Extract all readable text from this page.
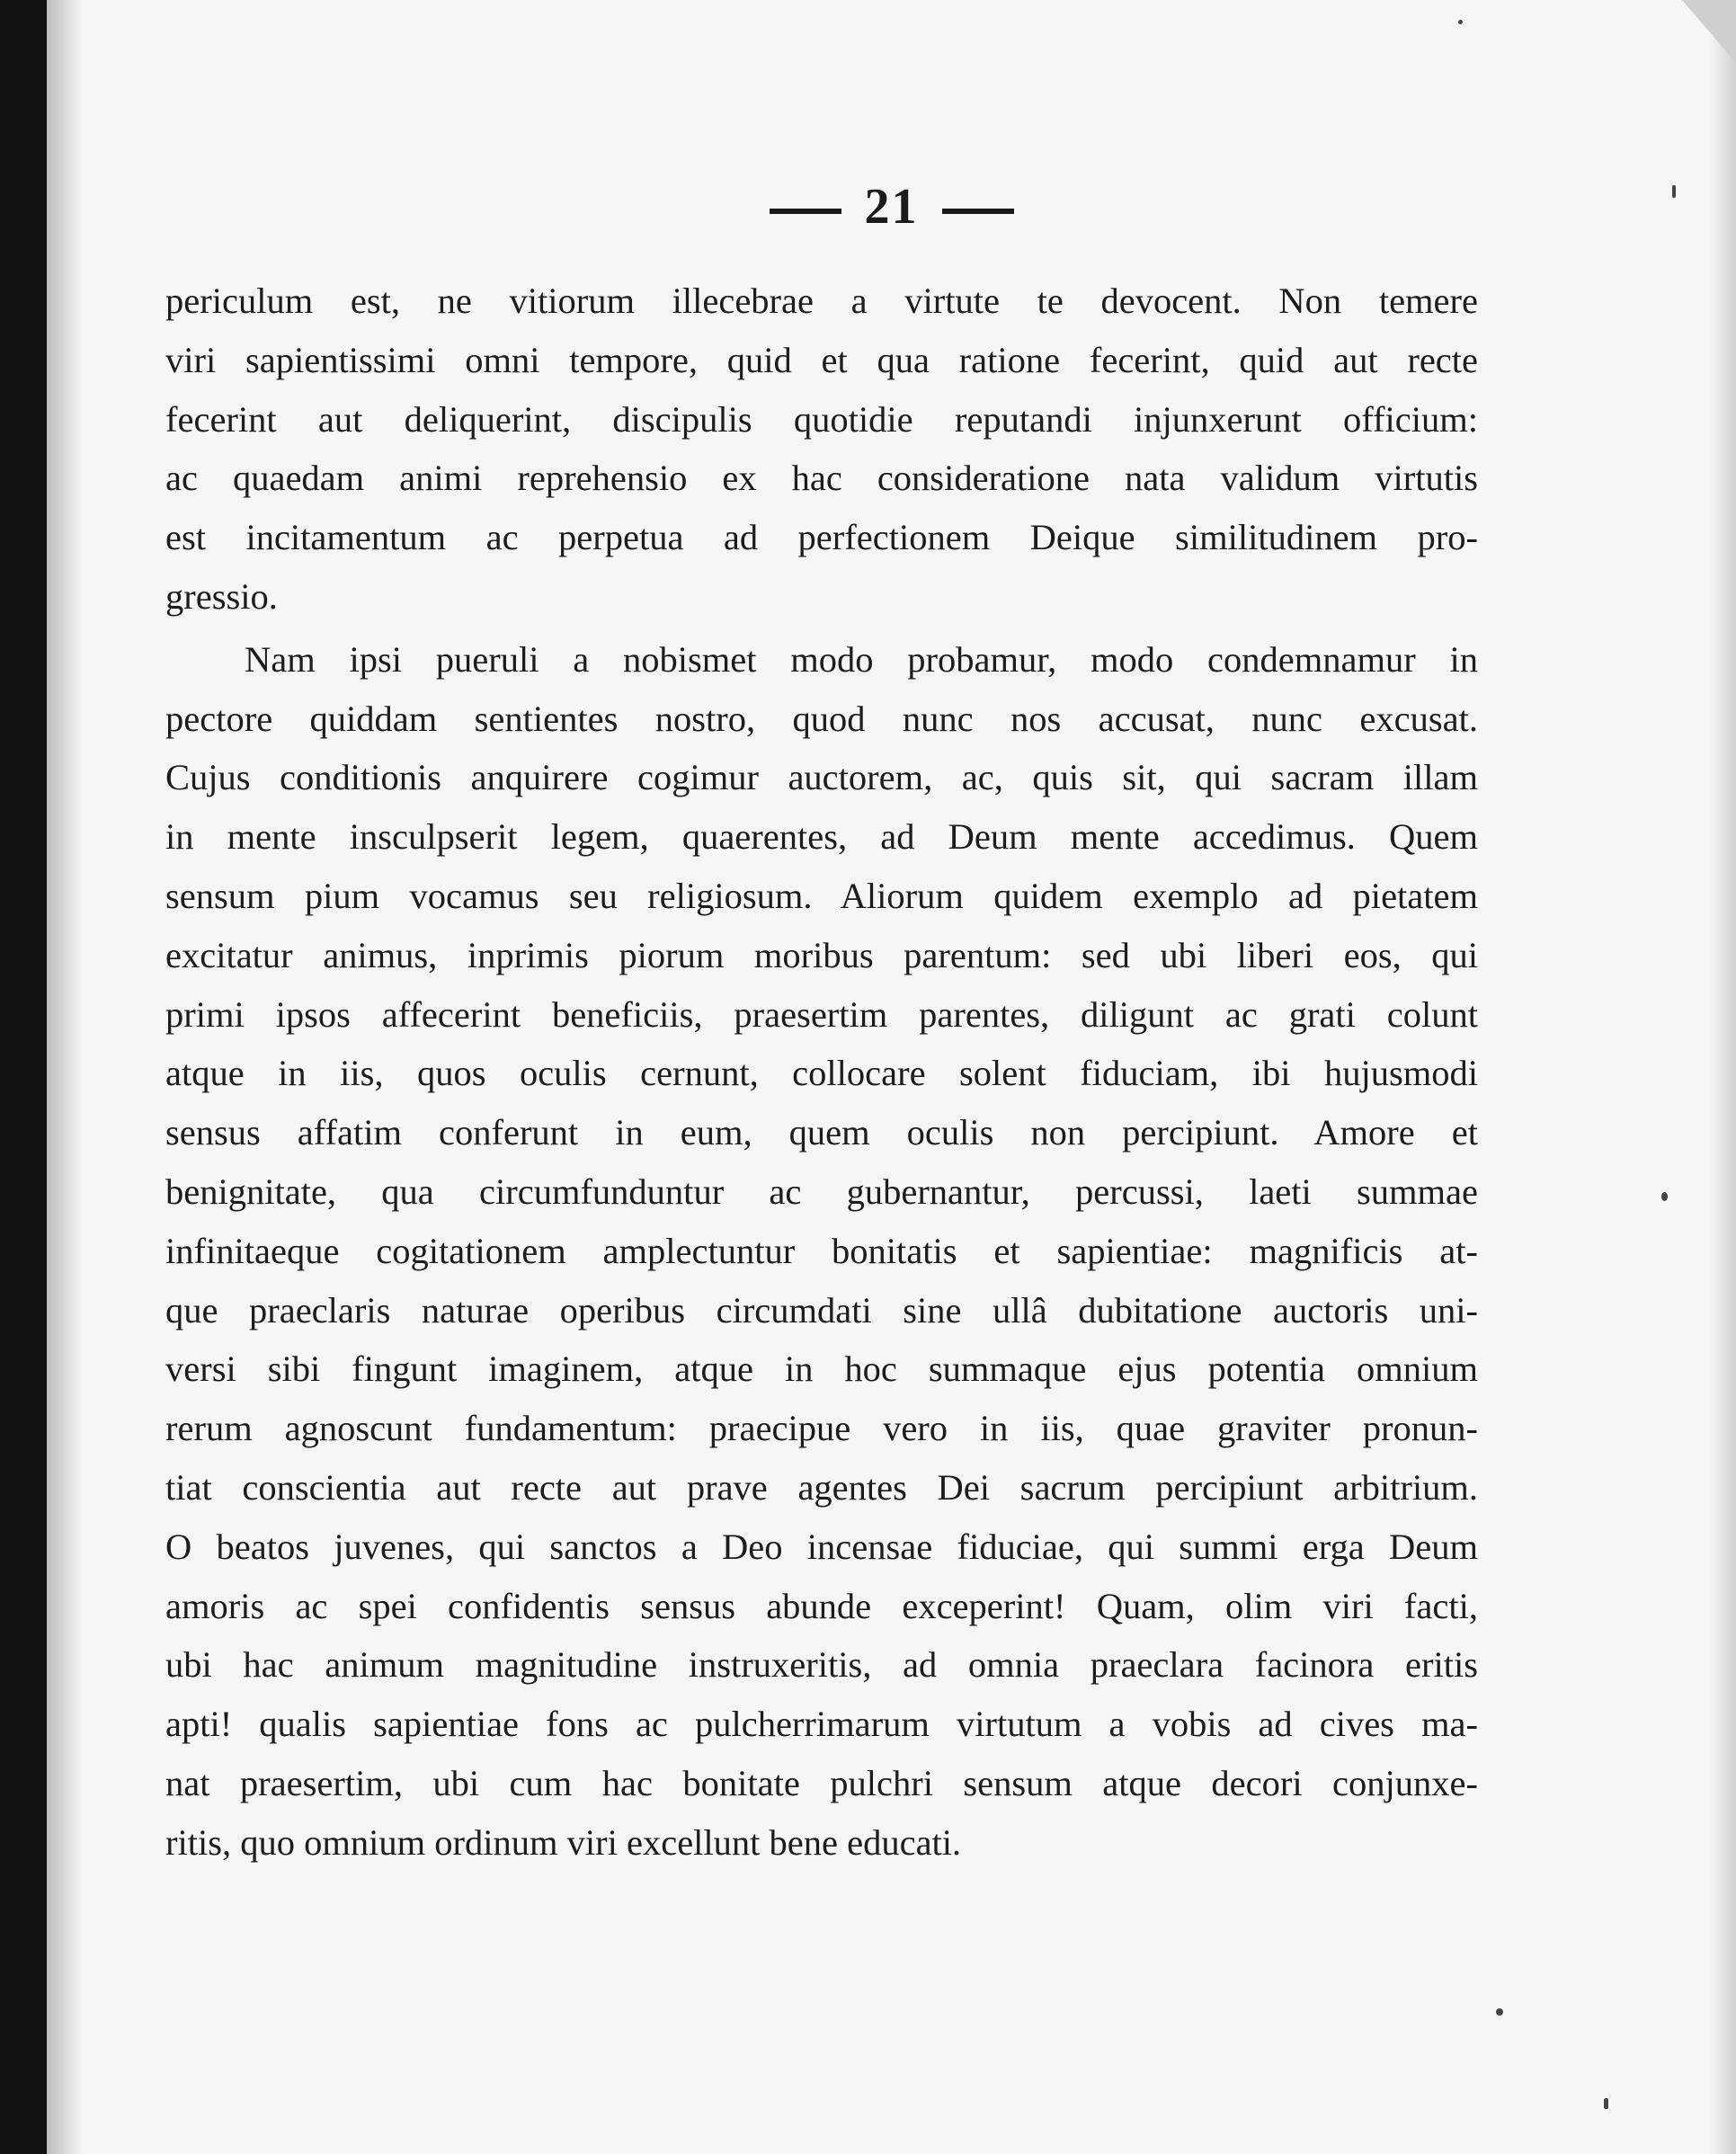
21
periculum est, ne vitiorum illecebrae a virtute te devocent. Non temere
viri sapientissimi omni tempore, quid et qua ratione fecerint, quid aut recte
fecerint aut deliquerint, discipulis quotidie reputandi injunxerunt officium:
ac quaedam animi reprehensio ex hac consideratione nata validum virtutis
est incitamentum ac perpetua ad perfectionem Deique similitudinem pro-
gressio.
Nam ipsi pueruli a nobismet modo probamur, modo condemnamur in
pectore quiddam sentientes nostro, quod nunc nos accusat, nunc excusat.
Cujus conditionis anquirere cogimur auctorem, ac, quis sit, qui sacram illam
in mente insculpserit legem, quaerentes, ad Deum mente accedimus. Quem
sensum pium vocamus seu religiosum. Aliorum quidem exemplo ad pietatem
excitatur animus, inprimis piorum moribus parentum: sed ubi liberi eos, qui
primi ipsos affecerint beneficiis, praesertim parentes, diligunt ac grati colunt
atque in iis, quos oculis cernunt, collocare solent fiduciam, ibi hujusmodi
sensus affatim conferunt in eum, quem oculis non percipiunt. Amore et
benignitate, qua circumfunduntur ac gubernantur, percussi, laeti summae
infinitaeque cogitationem amplectuntur bonitatis et sapientiae: magnificis at-
que praeclaris naturae operibus circumdati sine ullâ dubitatione auctoris uni-
versi sibi fingunt imaginem, atque in hoc summaque ejus potentia omnium
rerum agnoscunt fundamentum: praecipue vero in iis, quae graviter pronun-
tiat conscientia aut recte aut prave agentes Dei sacrum percipiunt arbitrium.
O beatos juvenes, qui sanctos a Deo incensae fiduciae, qui summi erga Deum
amoris ac spei confidentis sensus abunde exceperint! Quam, olim viri facti,
ubi hac animum magnitudine instruxeritis, ad omnia praeclara facinora eritis
apti! qualis sapientiae fons ac pulcherrimarum virtutum a vobis ad cives ma-
nat praesertim, ubi cum hac bonitate pulchri sensum atque decori conjunxe-
ritis, quo omnium ordinum viri excellunt bene educati.
